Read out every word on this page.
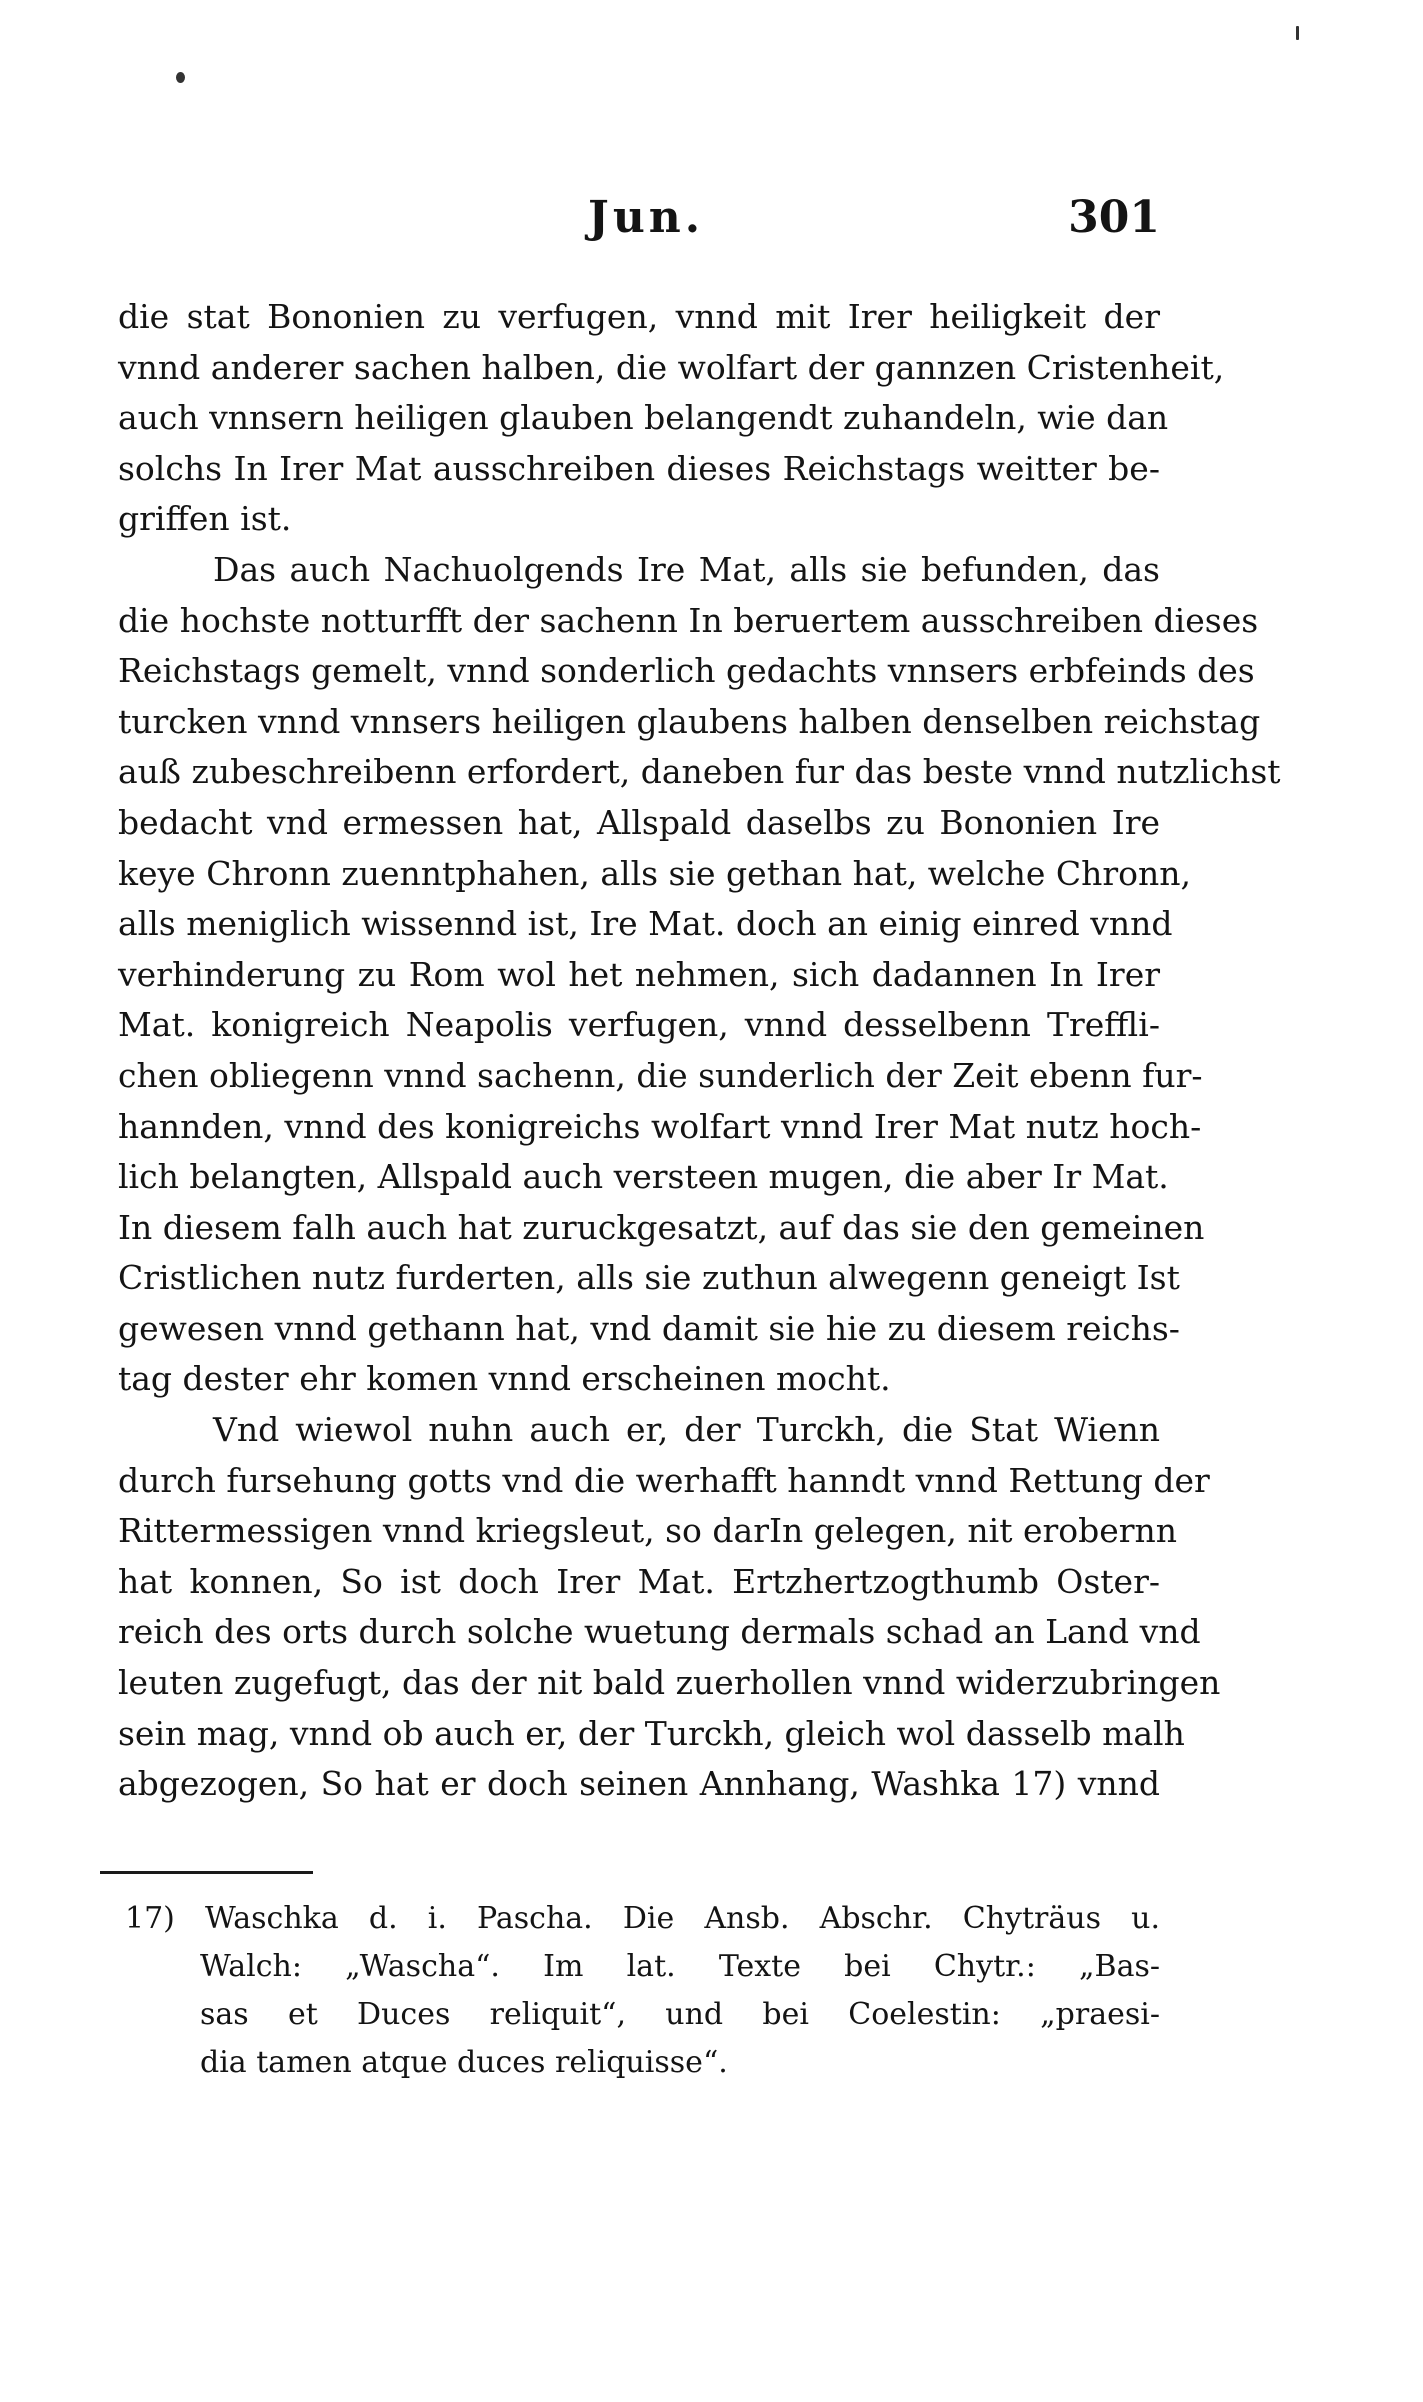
Jun.	301
die stat Bononien zu verfugen, vnnd mit Irer heiligkeit der
vnnd anderer sachen halben, die wolfart der gannzen Cristenheit,
auch vnnsern heiligen glauben belangendt zuhandeln, wie dan
solchs In Irer Mat ausschreiben dieses Reichstags weitter be-
griffen ist.
Das auch Nachuolgends Ire Mat, alls sie befunden, das
die hochste notturfft der sachenn In beruertem ausschreiben dieses
Reichstags gemelt, vnnd sonderlich gedachts vnnsers erbfeinds des
turcken vnnd vnnsers heiligen glaubens halben denselben reichstag
auß zubeschreibenn erfordert, daneben fur das beste vnnd nutzlichst
bedacht vnd ermessen hat, Allspald daselbs zu Bononien Ire
keye Chronn zuenntphahen, alls sie gethan hat, welche Chronn,
alls meniglich wissennd ist, Ire Mat. doch an einig einred vnnd
verhinderung zu Rom wol het nehmen, sich dadannen In Irer
Mat. konigreich Neapolis verfugen, vnnd desselbenn Treffli-
chen obliegenn vnnd sachenn, die sunderlich der Zeit ebenn fur-
hannden, vnnd des konigreichs wolfart vnnd Irer Mat nutz hoch-
lich belangten, Allspald auch versteen mugen, die aber Ir Mat.
In diesem falh auch hat zuruckgesatzt, auf das sie den gemeinen
Cristlichen nutz furderten, alls sie zuthun alwegenn geneigt Ist
gewesen vnnd gethann hat, vnd damit sie hie zu diesem reichs-
tag dester ehr komen vnnd erscheinen mocht.
Vnd wiewol nuhn auch er, der Turckh, die Stat Wienn
durch fursehung gotts vnd die werhafft hanndt vnnd Rettung der
Rittermessigen vnnd kriegsleut, so darIn gelegen, nit erobernn
hat konnen, So ist doch Irer Mat. Ertzhertzogthumb Oster-
reich des orts durch solche wuetung dermals schad an Land vnd
leuten zugefugt, das der nit bald zuerhollen vnnd widerzubringen
sein mag, vnnd ob auch er, der Turckh, gleich wol dasselb malh
abgezogen, So hat er doch seinen Annhang, Washka 17) vnnd
17) Waschka d. i. Pascha. Die Ansb. Abschr. Chyträus u.
Walch: „Wascha“. Im lat. Texte bei Chytr.: „Bas-
sas et Duces reliquit“, und bei Coelestin: „praesi-
dia tamen atque duces reliquisse“.
